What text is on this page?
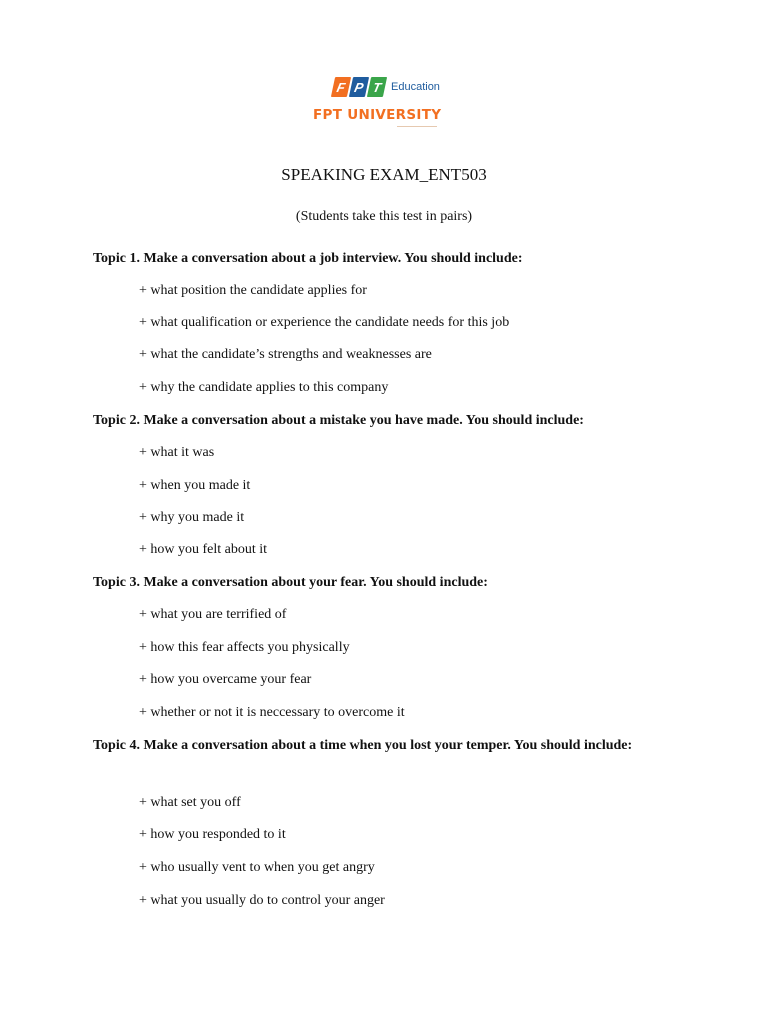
F P T Education
FPT UNIVERSITY
SPEAKING EXAM_ENT503
(Students take this test in pairs)
Topic 1. Make a conversation about a job interview. You should include:
+ what position the candidate applies for
+ what qualification or experience the candidate needs for this job
+ what the candidate’s strengths and weaknesses are
+ why the candidate applies to this company
Topic 2. Make a conversation about a mistake you have made. You should include:
+ what it was
+ when you made it
+ why you made it
+ how you felt about it
Topic 3. Make a conversation about your fear. You should include:
+ what you are terrified of
+ how this fear affects you physically
+ how you overcame your fear
+ whether or not it is neccessary to overcome it
Topic 4. Make a conversation about a time when you lost your temper. You should include:
+ what set you off
+ how you responded to it
+ who usually vent to when you get angry
+ what you usually do to control your anger
